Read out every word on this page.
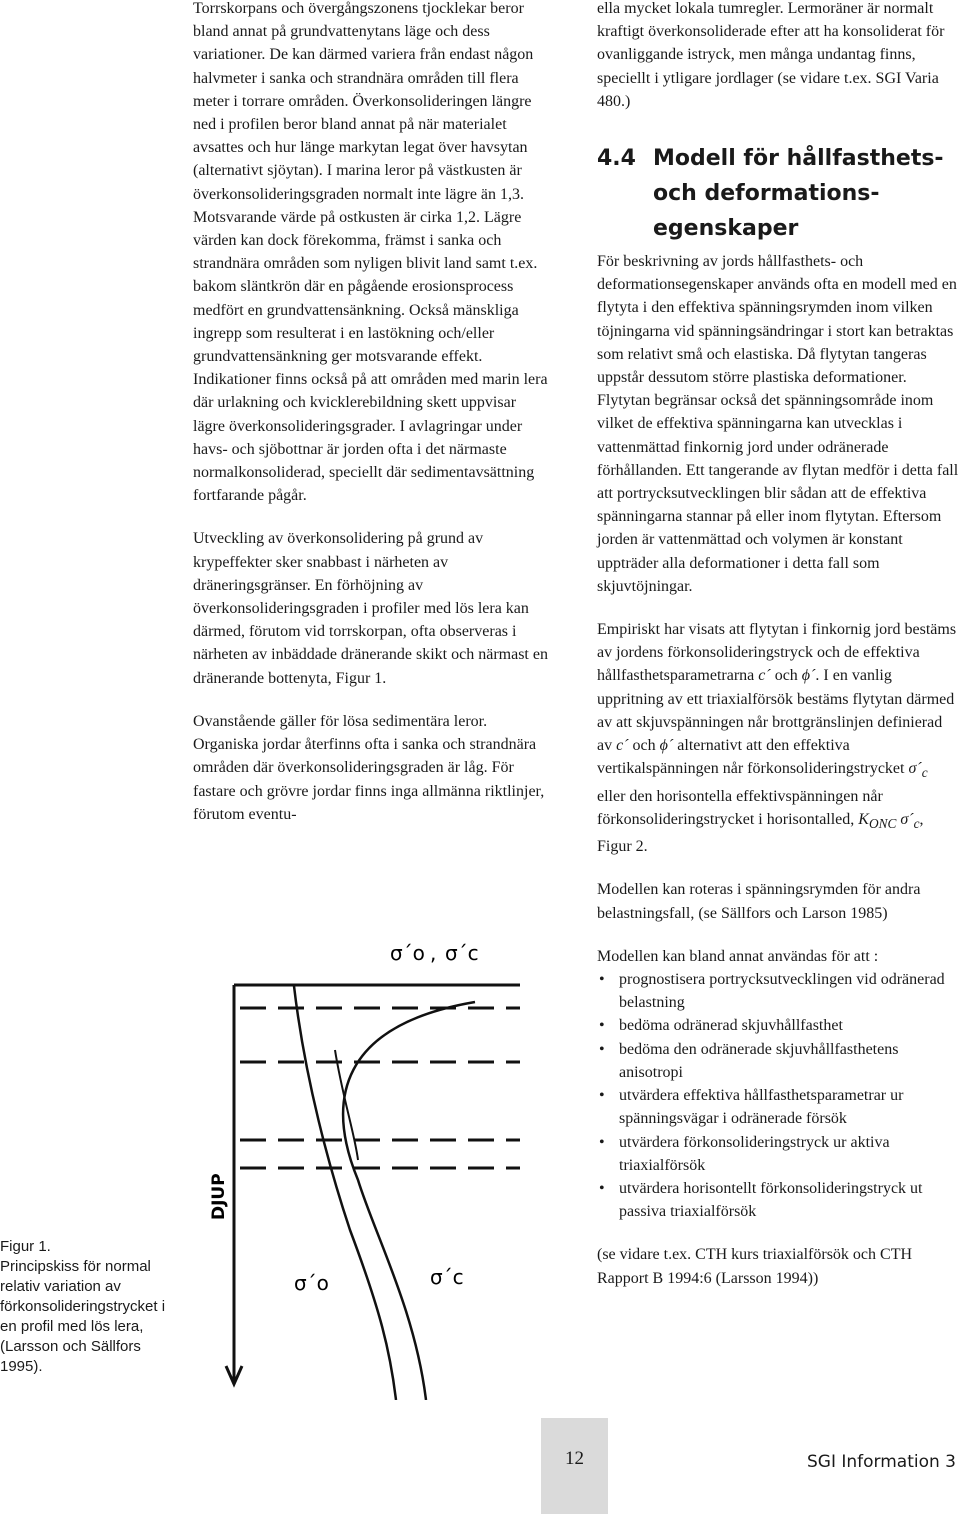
Torrskorpans och övergångszonens tjocklekar beror bland annat på grundvattenytans läge och dess variationer. De kan därmed variera från endast någon halvmeter i sanka och strandnära områden till flera meter i torrare områden. Överkonsolideringen längre ned i profilen beror bland annat på när materialet avsattes och hur länge markytan legat över havsytan (alternativt sjöytan). I marina leror på västkusten är överkonsolideringsgraden normalt inte lägre än 1,3. Motsvarande värde på ostkusten är cirka 1,2. Lägre värden kan dock förekomma, främst i sanka och strandnära områden som nyligen blivit land samt t.ex. bakom släntkrön där en pågående erosionsprocess medfört en grundvattensänkning. Också mänskliga ingrepp som resulterat i en lastökning och/eller grundvattensänkning ger motsvarande effekt. Indikationer finns också på att områden med marin lera där urlakning och kvicklerebildning skett uppvisar lägre överkonsolideringsgrader. I avlagringar under havs- och sjöbottnar är jorden ofta i det närmaste normalkonsoliderad, speciellt där sedimentavsättning fortfarande pågår.

Utveckling av överkonsolidering på grund av krypeffekter sker snabbast i närheten av dräneringsgränser. En förhöjning av överkonsolideringsgraden i profiler med lös lera kan därmed, förutom vid torrskorpan, ofta observeras i närheten av inbäddade dränerande skikt och närmast en dränerande bottenyta, Figur 1.

Ovanstående gäller för lösa sedimentära leror. Organiska jordar återfinns ofta i sanka och strandnära områden där överkonsolideringsgraden är låg. För fastare och grövre jordar finns inga allmänna riktlinjer, förutom eventu-

ella mycket lokala tumregler. Lermoräner är normalt kraftigt överkonsoliderade efter att ha konsoliderat för ovanliggande istryck, men många undantag finns, speciellt i ytligare jordlager (se vidare t.ex. SGI Varia 480.)

4.4 Modell för hållfasthets-
och deformations-
egenskaper

För beskrivning av jords hållfasthets- och deformationsegenskaper används ofta en modell med en flytyta i den effektiva spänningsrymden inom vilken töjningarna vid spänningsändringar i stort kan betraktas som relativt små och elastiska. Då flytytan tangeras uppstår dessutom större plastiska deformationer. Flytytan begränsar också det spänningsområde inom vilket de effektiva spänningarna kan utvecklas i vattenmättad finkornig jord under odränerade förhållanden. Ett tangerande av flytan medför i detta fall att portrycksutvecklingen blir sådan att de effektiva spänningarna stannar på eller inom flytytan. Eftersom jorden är vattenmättad och volymen är konstant uppträder alla deformationer i detta fall som skjuvtöjningar.

Empiriskt har visats att flytytan i finkornig jord bestäms av jordens förkonsolideringstryck och de effektiva hållfasthetsparametrarna c´ och ϕ´. I en vanlig uppritning av ett triaxialförsök bestäms flytytan därmed av att skjuvspänningen når brottgränslinjen definierad av c´ och ϕ´ alternativt att den effektiva vertikalspänningen når förkonsolideringstrycket $\sigma´_c$ eller den horisontella effektivspänningen når förkonsolideringstrycket i horisontalled, $K_{ONC}$ $\sigma´_c$, Figur 2.

Modellen kan roteras i spänningsrymden för andra belastningsfall, (se Sällfors och Larson 1985)

Modellen kan bland annat användas för att :
• prognostisera portrycksutvecklingen vid odränerad belastning
• bedöma odränerad skjuvhållfasthet
• bedöma den odränerade skjuvhållfasthetens anisotropi
• utvärdera effektiva hållfasthetsparametrar ur spänningsvägar i odränerade försök
• utvärdera förkonsolideringstryck ur aktiva triaxialförsök
• utvärdera horisontellt förkonsolideringstryck ut passiva triaxialförsök

(se vidare t.ex. CTH kurs triaxialförsök och CTH Rapport B 1994:6 (Larsson 1994))

σ´o , σ´c
DJUP
σ´o	σ´c
Figur 1.
Principskiss för normal relativ variation av förkonsolideringstrycket i en profil med lös lera, (Larsson och Sällfors 1995).
12	SGI Information 3
